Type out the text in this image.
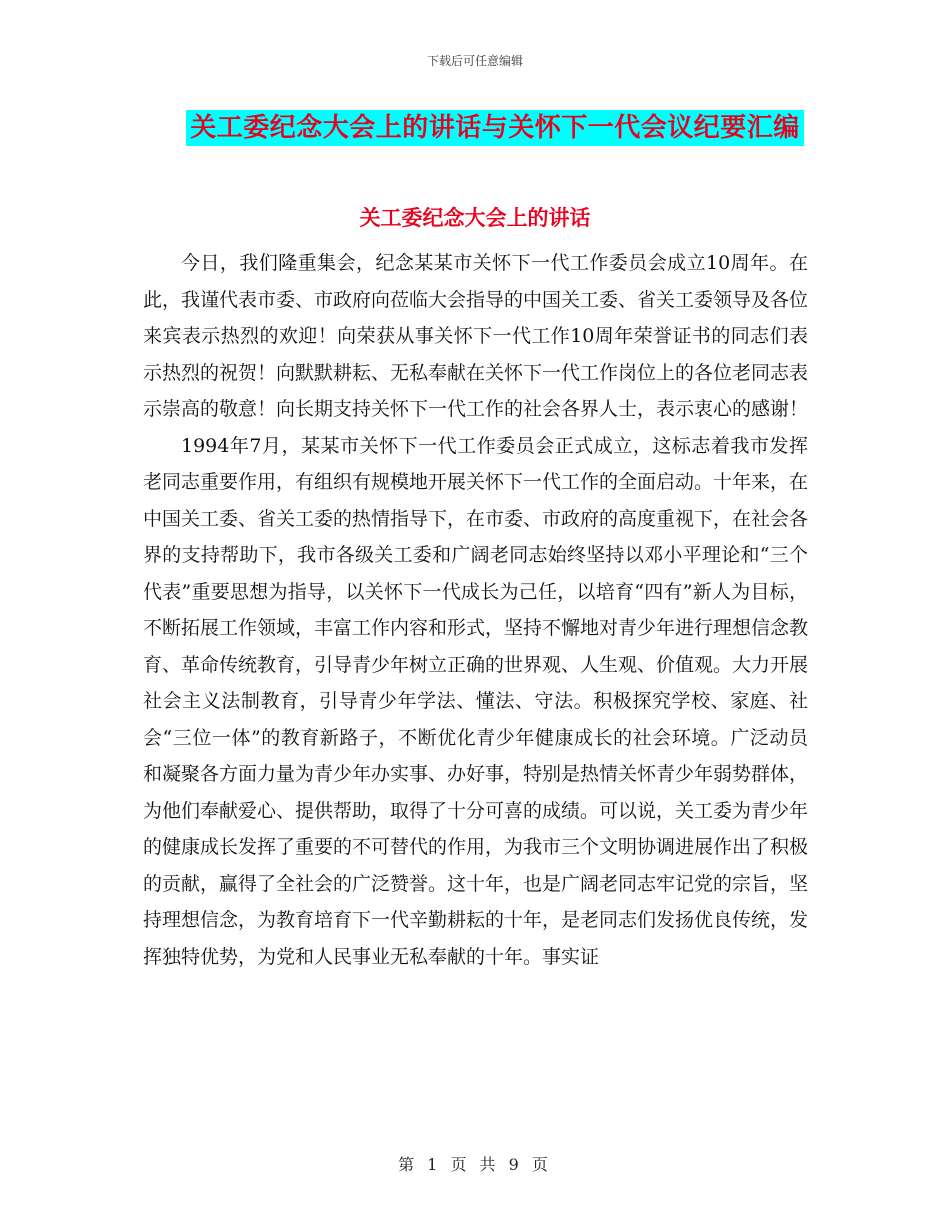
下载后可任意编辑
关工委纪念大会上的讲话与关怀下一代会议纪要汇编
关工委纪念大会上的讲话

今日，我们隆重集会，纪念某某市关怀下一代工作委员会成立10周年。在此，我谨代表市委、市政府向莅临大会指导的中国关工委、省关工委领导及各位来宾表示热烈的欢迎！向荣获从事关怀下一代工作10周年荣誉证书的同志们表示热烈的祝贺！向默默耕耘、无私奉献在关怀下一代工作岗位上的各位老同志表示崇高的敬意！向长期支持关怀下一代工作的社会各界人士，表示衷心的感谢！

1994年7月，某某市关怀下一代工作委员会正式成立，这标志着我市发挥老同志重要作用，有组织有规模地开展关怀下一代工作的全面启动。十年来，在中国关工委、省关工委的热情指导下，在市委、市政府的高度重视下，在社会各界的支持帮助下，我市各级关工委和广阔老同志始终坚持以邓小平理论和“三个代表”重要思想为指导，以关怀下一代成长为己任，以培育“四有”新人为目标，不断拓展工作领域，丰富工作内容和形式，坚持不懈地对青少年进行理想信念教育、革命传统教育，引导青少年树立正确的世界观、人生观、价值观。大力开展社会主义法制教育，引导青少年学法、懂法、守法。积极探究学校、家庭、社会“三位一体”的教育新路子，不断优化青少年健康成长的社会环境。广泛动员和凝聚各方面力量为青少年办实事、办好事，特别是热情关怀青少年弱势群体，为他们奉献爱心、提供帮助，取得了十分可喜的成绩。可以说，关工委为青少年的健康成长发挥了重要的不可替代的作用，为我市三个文明协调进展作出了积极的贡献，赢得了全社会的广泛赞誉。这十年，也是广阔老同志牢记党的宗旨，坚持理想信念，为教育培育下一代辛勤耕耘的十年，是老同志们发扬优良传统，发挥独特优势，为党和人民事业无私奉献的十年。事实证

第 1 页 共 9 页
